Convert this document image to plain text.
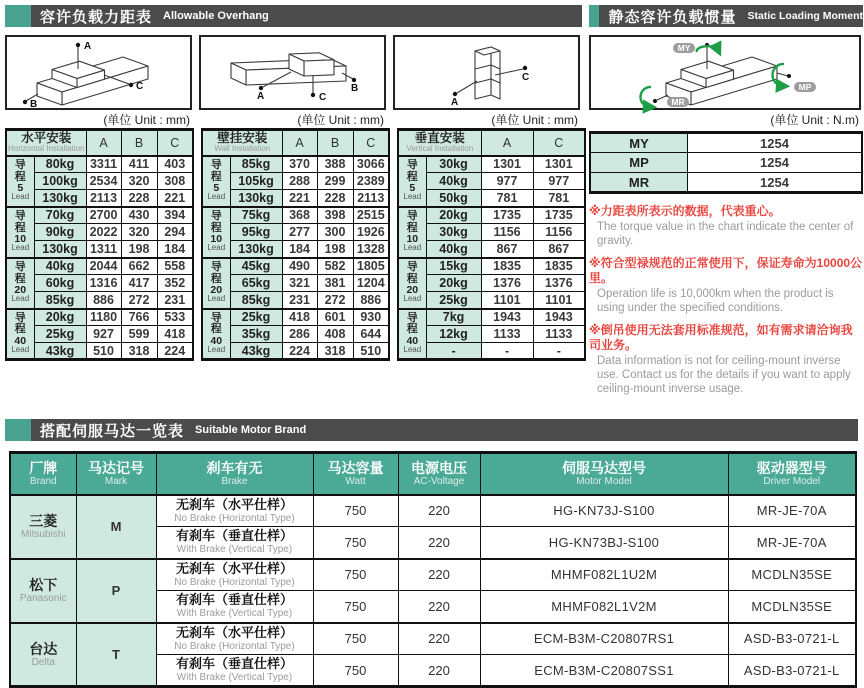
容许负载力距表 Allowable Overhang
A
C
B
(单位 Unit : mm)
A
B
C
(单位 Unit : mm)
A
C
(单位 Unit : mm)
水平安装
Horizontal Installation		A	B	C

导程
5
Lead	80kg	3311	411	403
	100kg	2534	320	308
	130kg	2113	228	221

导程
10
Lead	70kg	2700	430	394
	90kg	2022	320	294
	130kg	1311	198	184

导程
20
Lead	40kg	2044	662	558
	60kg	1316	417	352
	85kg	886	272	231

导程
40
Lead	20kg	1180	766	533
	25kg	927	599	418
	43kg	510	318	224
壁挂安装
Wall Installation		A	B	C

导程
5
Lead	85kg	370	388	3066
	105kg	288	299	2389
	130kg	221	228	2113

导程
10
Lead	75kg	368	398	2515
	95kg	277	300	1926
	130kg	184	198	1328

导程
20
Lead	45kg	490	582	1805
	65kg	321	381	1204
	85kg	231	272	886

导程
40
Lead	25kg	418	601	930
	35kg	286	408	644
	43kg	224	318	510
垂直安装
Vertical Installation		A	C

导程
5
Lead	30kg	1301	1301
	40kg	977	977
	50kg	781	781

导程
10
Lead	20kg	1735	1735
	30kg	1156	1156
	40kg	867	867

导程
20
Lead	15kg	1835	1835
	20kg	1376	1376
	25kg	1101	1101

导程
40
Lead	7kg	1943	1943
	12kg	1133	1133
	-	-	-
静态容许负载惯量 Static Loading Moment
MY
MP
MR
(单位 Unit : N.m)
MY	1254
MP	1254
MR	1254
※力距表所表示的数据，代表重心。
The torque value in the chart indicate the center of gravity.
※符合型禄规范的正常使用下，保证寿命为10000公里。
Operation life is 10,000km when the product is using under the specified conditions.
※倒吊使用无法套用标准规范，如有需求请洽询我司业务。
Data information is not for ceiling-mount inverse use. Contact us for the details if you want to apply ceiling-mount inverse usage.
搭配伺服马达一览表 Suitable Motor Brand
厂牌
Brand

马达记号
Mark

刹车有无
Brake

马达容量
Watt

电源电压
AC-Voltage

伺服马达型号
Motor Model

驱动器型号
Driver Model

三菱
Mitsubishi
	M	
无刹车（水平仕样）
No Brake (Horizontal Type)	750	220	HG-KN73J-S100	MR-JE-70A

		有刹车（垂直仕样）
With Brake (Vertical Type)	750	220	HG-KN73BJ-S100	MR-JE-70A

松下
Panasonic
	P	
无刹车（水平仕样）
No Brake (Horizontal Type)	750	220	MHMF082L1U2M	MCDLN35SE

		有刹车（垂直仕样）
With Brake (Vertical Type)	750	220	MHMF082L1V2M	MCDLN35SE

台达
Delta
	T	
无刹车（水平仕样）
No Brake (Horizontal Type)	750	220	ECM-B3M-C20807RS1	ASD-B3-0721-L

		有刹车（垂直仕样）
With Brake (Vertical Type)	750	220	ECM-B3M-C20807SS1	ASD-B3-0721-L
